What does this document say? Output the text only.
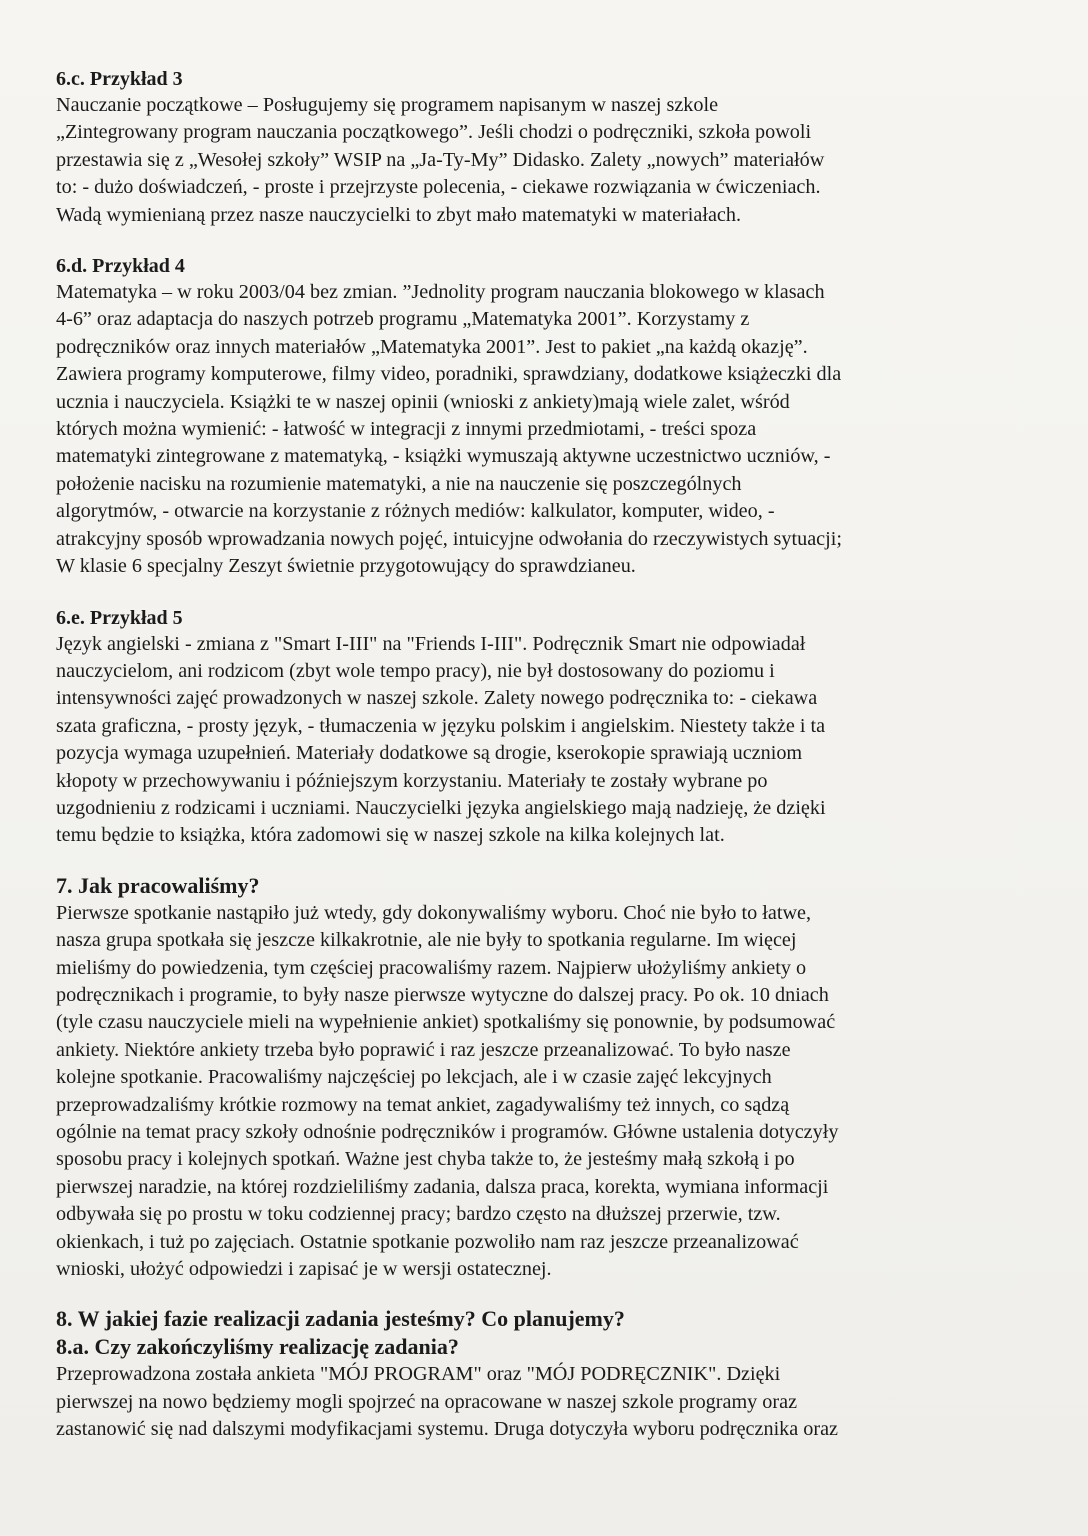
6.c. Przykład 3

Nauczanie początkowe – Posługujemy się programem napisanym w naszej szkole
„Zintegrowany program nauczania początkowego”. Jeśli chodzi o podręczniki, szkoła powoli
przestawia się z „Wesołej szkoły” WSIP na „Ja-Ty-My” Didasko. Zalety „nowych” materiałów
to: - dużo doświadczeń, - proste i przejrzyste polecenia, - ciekawe rozwiązania w ćwiczeniach.
Wadą wymienianą przez nasze nauczycielki to zbyt mało matematyki w materiałach.

6.d. Przykład 4

Matematyka – w roku 2003/04 bez zmian. ”Jednolity program nauczania blokowego w klasach
4-6” oraz adaptacja do naszych potrzeb programu „Matematyka 2001”. Korzystamy z
podręczników oraz innych materiałów „Matematyka 2001”. Jest to pakiet „na każdą okazję”.
Zawiera programy komputerowe, filmy video, poradniki, sprawdziany, dodatkowe książeczki dla
ucznia i nauczyciela. Książki te w naszej opinii (wnioski z ankiety)mają wiele zalet, wśród
których można wymienić: - łatwość w integracji z innymi przedmiotami, - treści spoza
matematyki zintegrowane z matematyką, - książki wymuszają aktywne uczestnictwo uczniów, -
położenie nacisku na rozumienie matematyki, a nie na nauczenie się poszczególnych
algorytmów, - otwarcie na korzystanie z różnych mediów: kalkulator, komputer, wideo, -
atrakcyjny sposób wprowadzania nowych pojęć, intuicyjne odwołania do rzeczywistych sytuacji;
W klasie 6 specjalny Zeszyt świetnie przygotowujący do sprawdzianeu.

6.e. Przykład 5

Język angielski - zmiana z "Smart I-III" na "Friends I-III". Podręcznik Smart nie odpowiadał
nauczycielom, ani rodzicom (zbyt wole tempo pracy), nie był dostosowany do poziomu i
intensywności zajęć prowadzonych w naszej szkole. Zalety nowego podręcznika to: - ciekawa
szata graficzna, - prosty język, - tłumaczenia w języku polskim i angielskim. Niestety także i ta
pozycja wymaga uzupełnień. Materiały dodatkowe są drogie, kserokopie sprawiają uczniom
kłopoty w przechowywaniu i późniejszym korzystaniu. Materiały te zostały wybrane po
uzgodnieniu z rodzicami i uczniami. Nauczycielki języka angielskiego mają nadzieję, że dzięki
temu będzie to książka, która zadomowi się w naszej szkole na kilka kolejnych lat.

7. Jak pracowaliśmy?

Pierwsze spotkanie nastąpiło już wtedy, gdy dokonywaliśmy wyboru. Choć nie było to łatwe,
nasza grupa spotkała się jeszcze kilkakrotnie, ale nie były to spotkania regularne. Im więcej
mieliśmy do powiedzenia, tym częściej pracowaliśmy razem. Najpierw ułożyliśmy ankiety o
podręcznikach i programie, to były nasze pierwsze wytyczne do dalszej pracy. Po ok. 10 dniach
(tyle czasu nauczyciele mieli na wypełnienie ankiet) spotkaliśmy się ponownie, by podsumować
ankiety. Niektóre ankiety trzeba było poprawić i raz jeszcze przeanalizować. To było nasze
kolejne spotkanie. Pracowaliśmy najczęściej po lekcjach, ale i w czasie zajęć lekcyjnych
przeprowadzaliśmy krótkie rozmowy na temat ankiet, zagadywaliśmy też innych, co sądzą
ogólnie na temat pracy szkoły odnośnie podręczników i programów. Główne ustalenia dotyczyły
sposobu pracy i kolejnych spotkań. Ważne jest chyba także to, że jesteśmy małą szkołą i po
pierwszej naradzie, na której rozdzieliliśmy zadania, dalsza praca, korekta, wymiana informacji
odbywała się po prostu w toku codziennej pracy; bardzo często na dłuższej przerwie, tzw.
okienkach, i tuż po zajęciach. Ostatnie spotkanie pozwoliło nam raz jeszcze przeanalizować
wnioski, ułożyć odpowiedzi i zapisać je w wersji ostatecznej.

8. W jakiej fazie realizacji zadania jesteśmy? Co planujemy?

8.a. Czy zakończyliśmy realizację zadania?

Przeprowadzona została ankieta "MÓJ PROGRAM" oraz "MÓJ PODRĘCZNIK". Dzięki
pierwszej na nowo będziemy mogli spojrzeć na opracowane w naszej szkole programy oraz
zastanowić się nad dalszymi modyfikacjami systemu. Druga dotyczyła wyboru podręcznika oraz
